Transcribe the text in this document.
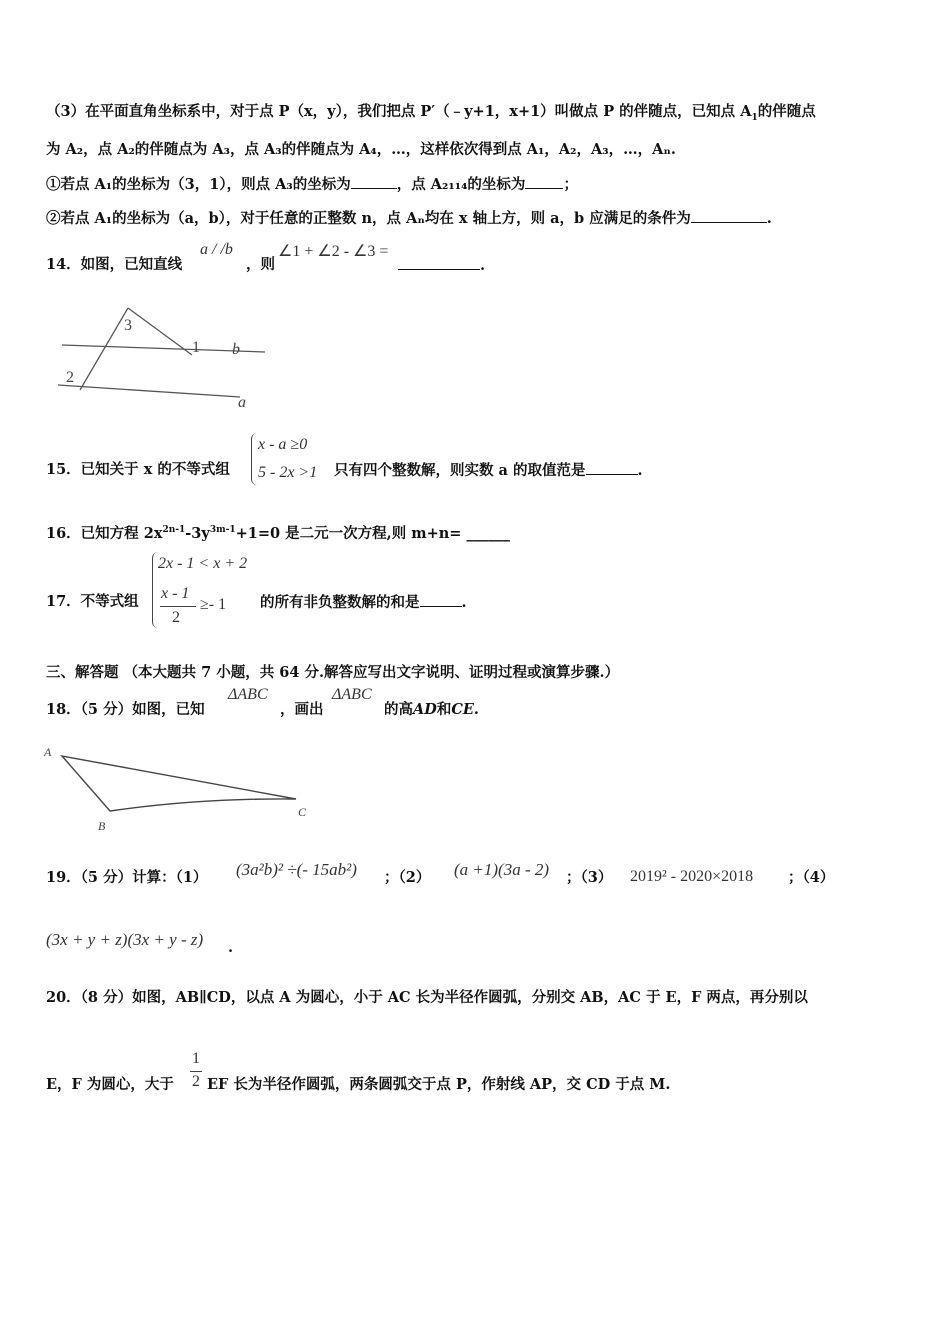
（3）在平面直角坐标系中，对于点 P（x，y），我们把点 P′（﹣y+1，x+1）叫做点 P 的伴随点，已知点 $A_1$的伴随点
为 A₂，点 A₂的伴随点为 A₃，点 A₃的伴随点为 A₄，…，这样依次得到点 A₁，A₂，A₃，…，Aₙ.
①若点 A₁的坐标为（3，1），则点 A₃的坐标为	，点 A₂₁₁₄的坐标为	；
②若点 A₁的坐标为（a，b），对于任意的正整数 n，点 Aₙ均在 x 轴上方，则 a，b 应满足的条件为	.
14．如图，已知直线
a / /b
，则
∠1 + ∠2 - ∠3 =
.
3
1
2
b
a
15．已知关于 x 的不等式组
x - a ≥0
5 - 2x >1 只有四个整数解，则实数 a 的取值范是	.
16．已知方程 $2x^{2n-1}-3y^{3m-1}+1=0$ 是二元一次方程,则 m+n= ______
17．不等式组
2x - 1 < x + 2
x - 1
2
≥- 1 的所有非负整数解的和是	.
三、解答题 （本大题共 7 小题，共 64 分.解答应写出文字说明、证明过程或演算步骤.）
18．（5 分）如图，已知
ΔABC
，画出
ΔABC
的高AD和CE.
A
B
C
19．（5 分）计算：（1） (3a²b)² ÷(- 15ab²) ；（2） (a +1)(3a - 2) ；（3） 2019² - 2020×2018 ；（4）
(3x + y + z)(3x + y - z) .
20．（8 分）如图，AB∥CD，以点 A 为圆心，小于 AC 长为半径作圆弧，分别交 AB，AC 于 E，F 两点，再分别以
E，F 为圆心，大于
1
2 EF 长为半径作圆弧，两条圆弧交于点 P，作射线 AP，交 CD 于点 M.
